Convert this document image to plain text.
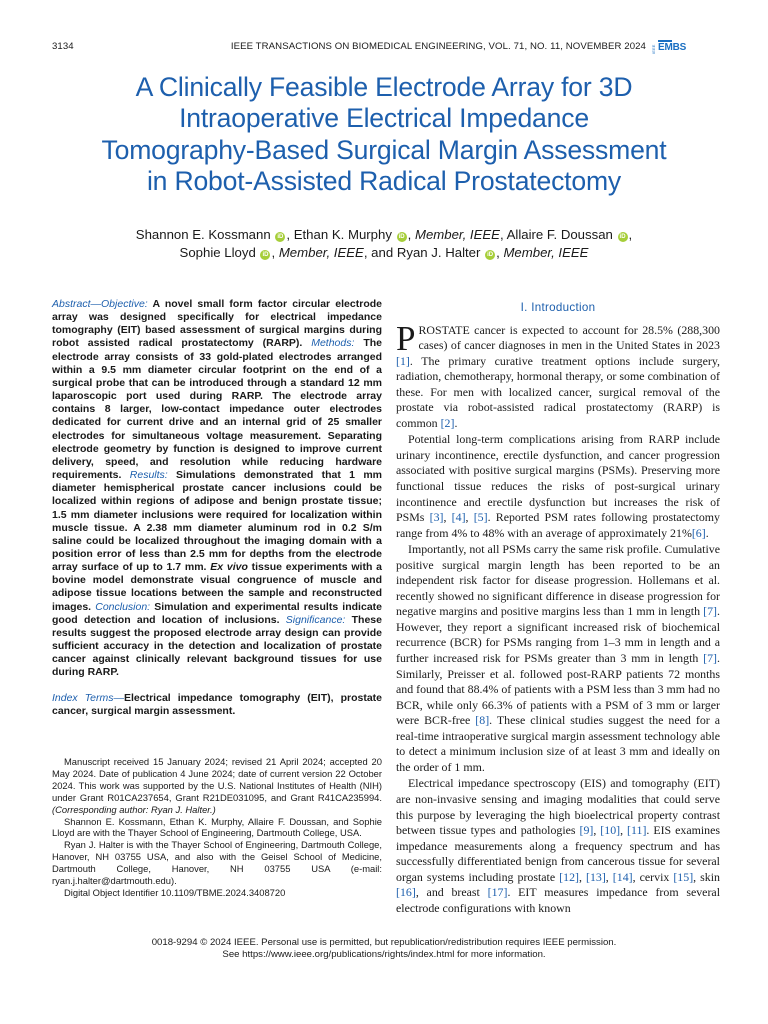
3134	IEEE TRANSACTIONS ON BIOMEDICAL ENGINEERING, VOL. 71, NO. 11, NOVEMBER 2024 IEEE EMBS
A Clinically Feasible Electrode Array for 3D
Intraoperative Electrical Impedance
Tomography-Based Surgical Margin Assessment
in Robot-Assisted Radical Prostatectomy
Shannon E. Kossmann iD , Ethan K. Murphy iD , Member, IEEE, Allaire F. Doussan iD ,
Sophie Lloyd iD , Member, IEEE, and Ryan J. Halter iD , Member, IEEE
Abstract—Objective: A novel small form factor circular electrode array was designed specifically for electrical impedance tomography (EIT) based assessment of surgical margins during robot assisted radical prostatectomy (RARP). Methods: The electrode array consists of 33 gold-plated electrodes arranged within a 9.5 mm diameter circular footprint on the end of a surgical probe that can be introduced through a standard 12 mm laparoscopic port used during RARP. The electrode array contains 8 larger, low-contact impedance outer electrodes dedicated for current drive and an internal grid of 25 smaller electrodes for simultaneous voltage measurement. Separating electrode geometry by function is designed to improve current delivery, speed, and resolution while reducing hardware requirements. Results: Simulations demonstrated that 1 mm diameter hemispherical prostate cancer inclusions could be localized within regions of adipose and benign prostate tissue; 1.5 mm diameter inclusions were required for localization within muscle tissue. A 2.38 mm diameter aluminum rod in 0.2 S/m saline could be localized throughout the imaging domain with a position error of less than 2.5 mm for depths from the electrode array surface of up to 1.7 mm. Ex vivo tissue experiments with a bovine model demonstrate visual congruence of muscle and adipose tissue locations between the sample and reconstructed images. Conclusion: Simulation and experimental results indicate good detection and location of inclusions. Significance: These results suggest the proposed electrode array design can provide sufficient accuracy in the detection and localization of prostate cancer against clinically relevant background tissues for use during RARP.
Index Terms—Electrical impedance tomography (EIT), prostate cancer, surgical margin assessment.

Manuscript received 15 January 2024; revised 21 April 2024; accepted 20 May 2024. Date of publication 4 June 2024; date of current version 22 October 2024. This work was supported by the U.S. National Institutes of Health (NIH) under Grant R01CA237654, Grant R21DE031095, and Grant R41CA235994. (Corresponding author: Ryan J. Halter.)

Shannon E. Kossmann, Ethan K. Murphy, Allaire F. Doussan, and Sophie Lloyd are with the Thayer School of Engineering, Dartmouth College, USA.

Ryan J. Halter is with the Thayer School of Engineering, Dartmouth College, Hanover, NH 03755 USA, and also with the Geisel School of Medicine, Dartmouth College, Hanover, NH 03755 USA (e-mail: ryan.j.halter@dartmouth.edu).

Digital Object Identifier 10.1109/TBME.2024.3408720

I. Introduction

PROSTATE cancer is expected to account for 28.5% (288,300 cases) of cancer diagnoses in men in the United States in 2023 [1]. The primary curative treatment options include surgery, radiation, chemotherapy, hormonal therapy, or some combination of these. For men with localized cancer, surgical removal of the prostate via robot-assisted radical prostatectomy (RARP) is common [2].

Potential long-term complications arising from RARP include urinary incontinence, erectile dysfunction, and cancer progression associated with positive surgical margins (PSMs). Preserving more functional tissue reduces the risks of post-surgical urinary incontinence and erectile dysfunction but increases the risk of PSMs [3], [4], [5]. Reported PSM rates following prostatectomy range from 4% to 48% with an average of approximately 21%[6].

Importantly, not all PSMs carry the same risk profile. Cumulative positive surgical margin length has been reported to be an independent risk factor for disease progression. Hollemans et al. recently showed no significant difference in disease progression for negative margins and positive margins less than 1 mm in length [7]. However, they report a significant increased risk of biochemical recurrence (BCR) for PSMs ranging from 1–3 mm in length and a further increased risk for PSMs greater than 3 mm in length [7]. Similarly, Preisser et al. followed post-RARP patients 72 months and found that 88.4% of patients with a PSM less than 3 mm had no BCR, while only 66.3% of patients with a PSM of 3 mm or larger were BCR-free [8]. These clinical studies suggest the need for a real-time intraoperative surgical margin assessment technology able to detect a minimum inclusion size of at least 3 mm and ideally on the order of 1 mm.

Electrical impedance spectroscopy (EIS) and tomography (EIT) are non-invasive sensing and imaging modalities that could serve this purpose by leveraging the high bioelectrical property contrast between tissue types and pathologies [9], [10], [11]. EIS examines impedance measurements along a frequency spectrum and has successfully differentiated benign from cancerous tissue for several organ systems including prostate [12], [13], [14], cervix [15], skin [16], and breast [17]. EIT measures impedance from several electrode configurations with known

0018-9294 © 2024 IEEE. Personal use is permitted, but republication/redistribution requires IEEE permission.
See https://www.ieee.org/publications/rights/index.html for more information.
